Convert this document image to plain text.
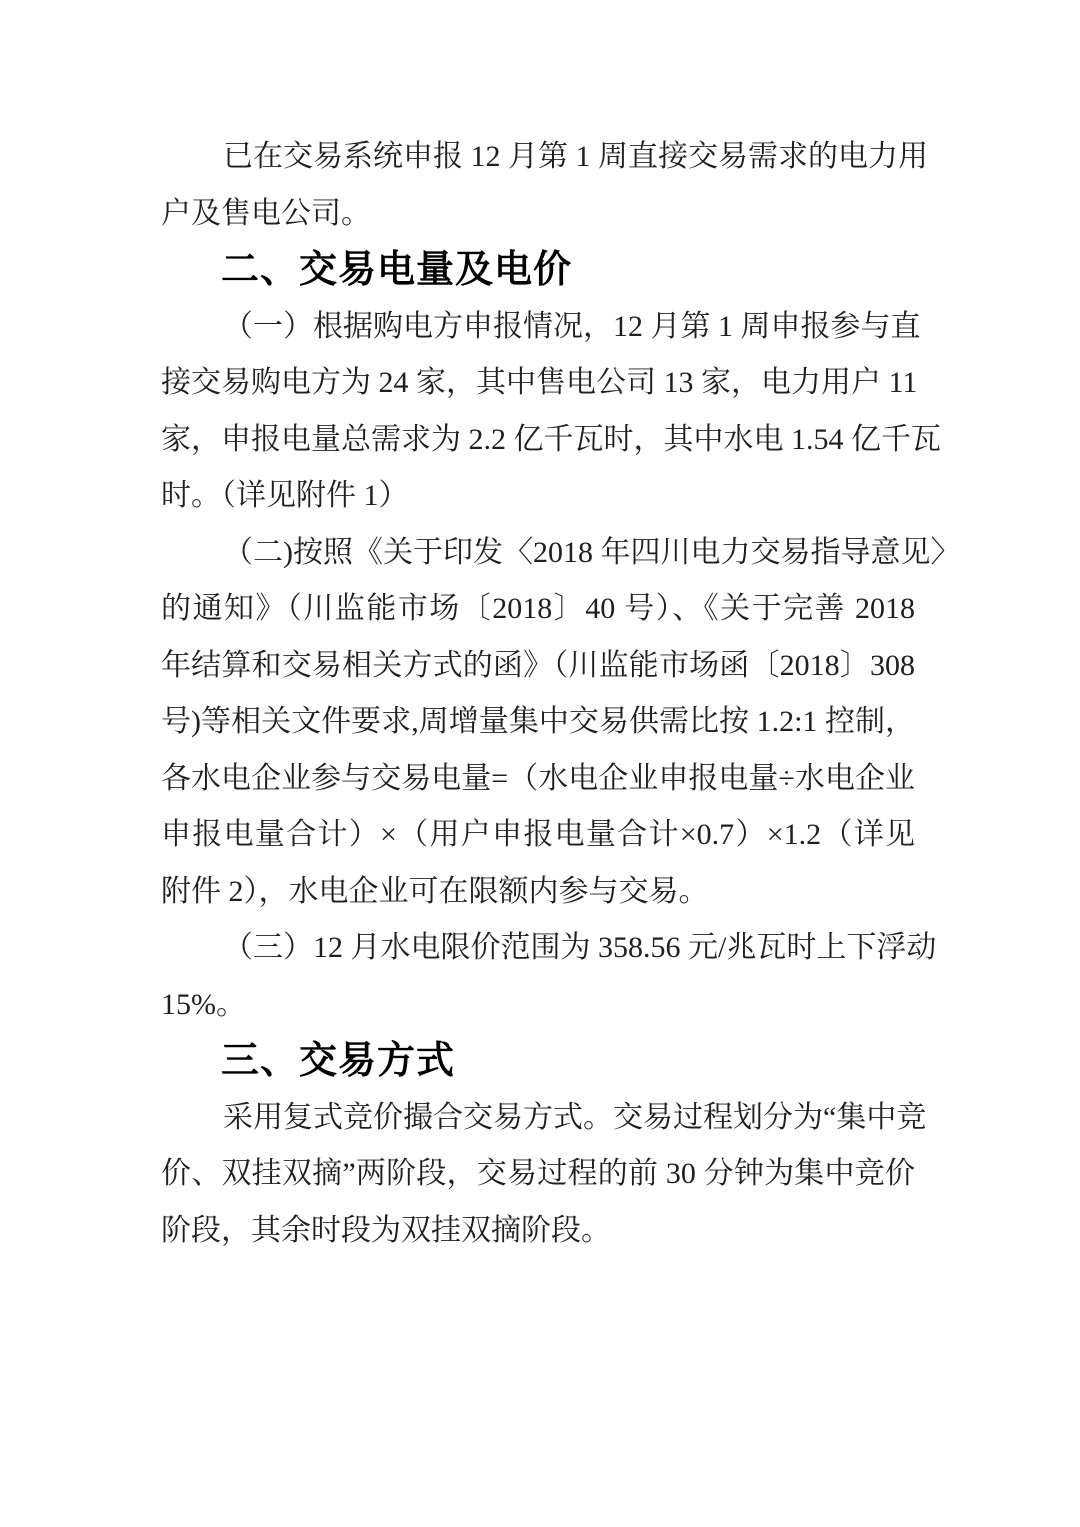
已在交易系统申报 12 月第 1 周直接交易需求的电力用
户及售电公司。
二、交易电量及电价
（一）根据购电方申报情况，12 月第 1 周申报参与直
接交易购电方为 24 家，其中售电公司 13 家，电力用户 11
家，申报电量总需求为 2.2 亿千瓦时，其中水电 1.54 亿千瓦
时。（详见附件 1）
（二)按照《关于印发〈2018 年四川电力交易指导意见〉
的通知》（川监能市场〔2018〕40 号）、《关于完善 2018
年结算和交易相关方式的函》（川监能市场函〔2018〕308
号)等相关文件要求,周增量集中交易供需比按 1.2:1 控制，
各水电企业参与交易电量=（水电企业申报电量÷水电企业
申报电量合计）×（用户申报电量合计×0.7）×1.2（详见
附件 2），水电企业可在限额内参与交易。
（三）12 月水电限价范围为 358.56 元/兆瓦时上下浮动
15%。
三、交易方式
采用复式竞价撮合交易方式。交易过程划分为“集中竞
价、双挂双摘”两阶段，交易过程的前 30 分钟为集中竞价
阶段，其余时段为双挂双摘阶段。
